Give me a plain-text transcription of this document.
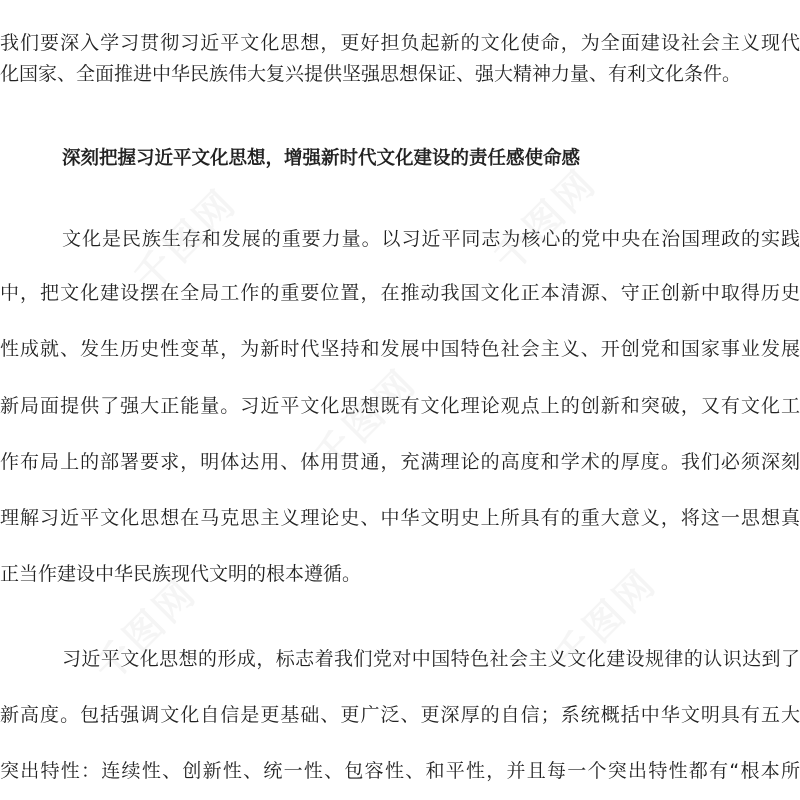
我们要深入学习贯彻习近平文化思想，更好担负起新的文化使命，为全面建设社会主义现代
化国家、全面推进中华民族伟大复兴提供坚强思想保证、强大精神力量、有利文化条件。
深刻把握习近平文化思想，增强新时代文化建设的责任感使命感
文化是民族生存和发展的重要力量。以习近平同志为核心的党中央在治国理政的实践
中，把文化建设摆在全局工作的重要位置，在推动我国文化正本清源、守正创新中取得历史
性成就、发生历史性变革，为新时代坚持和发展中国特色社会主义、开创党和国家事业发展
新局面提供了强大正能量。习近平文化思想既有文化理论观点上的创新和突破，又有文化工
作布局上的部署要求，明体达用、体用贯通，充满理论的高度和学术的厚度。我们必须深刻
理解习近平文化思想在马克思主义理论史、中华文明史上所具有的重大意义，将这一思想真
正当作建设中华民族现代文明的根本遵循。
习近平文化思想的形成，标志着我们党对中国特色社会主义文化建设规律的认识达到了
新高度。包括强调文化自信是更基础、更广泛、更深厚的自信；系统概括中华文明具有五大
突出特性：连续性、创新性、统一性、包容性、和平性，并且每一个突出特性都有“根本所
千图网	千图网
千图网
千图网	千图网
